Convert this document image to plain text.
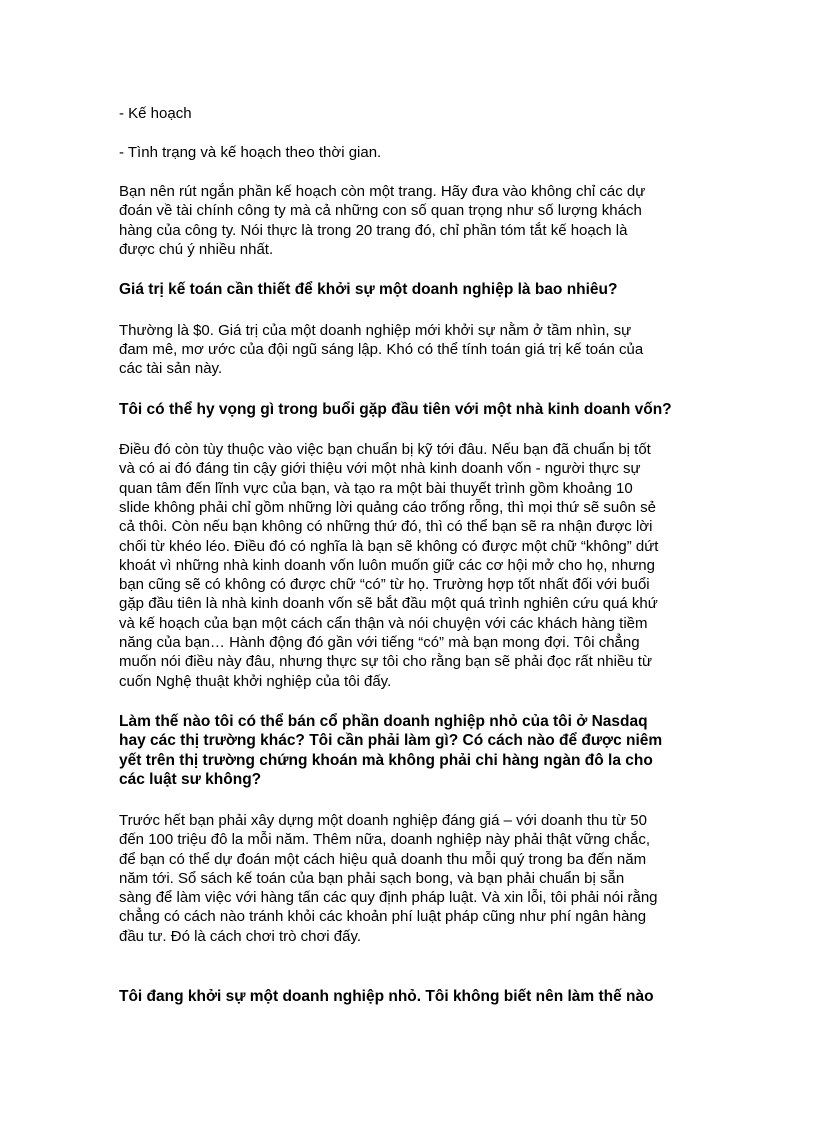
- Kế hoạch
- Tình trạng và kế hoạch theo thời gian.
Bạn nên rút ngắn phần kế hoạch còn một trang. Hãy đưa vào không chỉ các dự
đoán về tài chính công ty mà cả những con số quan trọng như số lượng khách
hàng của công ty. Nói thực là trong 20 trang đó, chỉ phần tóm tắt kế hoạch là
được chú ý nhiều nhất.
Giá trị kế toán cần thiết để khởi sự một doanh nghiệp là bao nhiêu?
Thường là $0. Giá trị của một doanh nghiệp mới khởi sự nằm ở tầm nhìn, sự
đam mê, mơ ước của đội ngũ sáng lập. Khó có thể tính toán giá trị kế toán của
các tài sản này.
Tôi có thể hy vọng gì trong buổi gặp đầu tiên với một nhà kinh doanh vốn?
Điều đó còn tùy thuộc vào việc bạn chuẩn bị kỹ tới đâu. Nếu bạn đã chuẩn bị tốt
và có ai đó đáng tin cậy giới thiệu với một nhà kinh doanh vốn - người thực sự
quan tâm đến lĩnh vực của bạn, và tạo ra một bài thuyết trình gồm khoảng 10
slide không phải chỉ gồm những lời quảng cáo trống rỗng, thì mọi thứ sẽ suôn sẻ
cả thôi. Còn nếu bạn không có những thứ đó, thì có thể bạn sẽ ra nhận được lời
chối từ khéo léo. Điều đó có nghĩa là bạn sẽ không có được một chữ “không” dứt
khoát vì những nhà kinh doanh vốn luôn muốn giữ các cơ hội mở cho họ, nhưng
bạn cũng sẽ có không có được chữ “có” từ họ. Trường hợp tốt nhất đối với buổi
gặp đầu tiên là nhà kinh doanh vốn sẽ bắt đầu một quá trình nghiên cứu quá khứ
và kế hoạch của bạn một cách cẩn thận và nói chuyện với các khách hàng tiềm
năng của bạn… Hành động đó gần với tiếng “có” mà bạn mong đợi. Tôi chẳng
muốn nói điều này đâu, nhưng thực sự tôi cho rằng bạn sẽ phải đọc rất nhiều từ
cuốn Nghệ thuật khởi nghiệp của tôi đấy.
Làm thế nào tôi có thể bán cổ phần doanh nghiệp nhỏ của tôi ở Nasdaq
hay các thị trường khác? Tôi cần phải làm gì? Có cách nào để được niêm
yết trên thị trường chứng khoán mà không phải chi hàng ngàn đô la cho
các luật sư không?
Trước hết bạn phải xây dựng một doanh nghiệp đáng giá – với doanh thu từ 50
đến 100 triệu đô la mỗi năm. Thêm nữa, doanh nghiệp này phải thật vững chắc,
để bạn có thể dự đoán một cách hiệu quả doanh thu mỗi quý trong ba đến năm
năm tới. Sổ sách kế toán của bạn phải sạch bong, và bạn phải chuẩn bị sẵn
sàng để làm việc với hàng tấn các quy định pháp luật. Và xin lỗi, tôi phải nói rằng
chẳng có cách nào tránh khỏi các khoản phí luật pháp cũng như phí ngân hàng
đầu tư. Đó là cách chơi trò chơi đấy.
Tôi đang khởi sự một doanh nghiệp nhỏ. Tôi không biết nên làm thế nào
